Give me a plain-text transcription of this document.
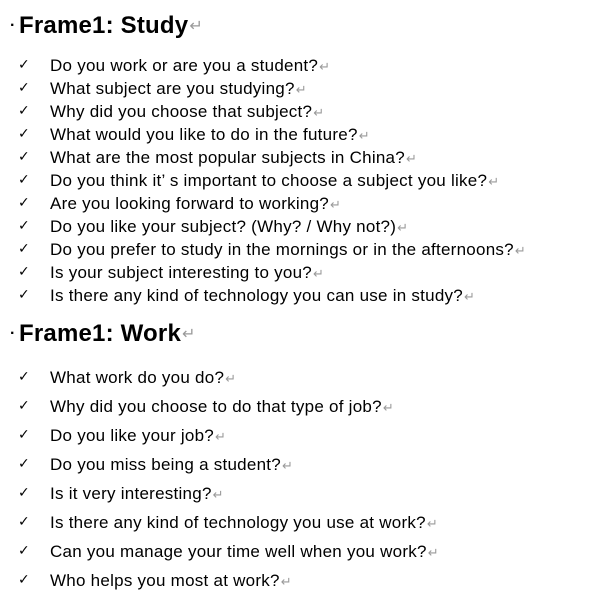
· Frame1: Study ↵
✓ Do you work or are you a student?↵
✓ What subject are you studying?↵
✓ Why did you choose that subject?↵
✓ What would you like to do in the future?↵
✓ What are the most popular subjects in China?↵
✓ Do you think it’ s important to choose a subject you like?↵
✓ Are you looking forward to working?↵
✓ Do you like your subject? (Why? / Why not?)↵
✓ Do you prefer to study in the mornings or in the afternoons?↵
✓ Is your subject interesting to you?↵
✓ Is there any kind of technology you can use in study?↵
· Frame1: Work ↵
✓ What work do you do?↵
✓ Why did you choose to do that type of job?↵
✓ Do you like your job?↵
✓ Do you miss being a student?↵
✓ Is it very interesting?↵
✓ Is there any kind of technology you use at work?↵
✓ Can you manage your time well when you work?↵
✓ Who helps you most at work?↵
